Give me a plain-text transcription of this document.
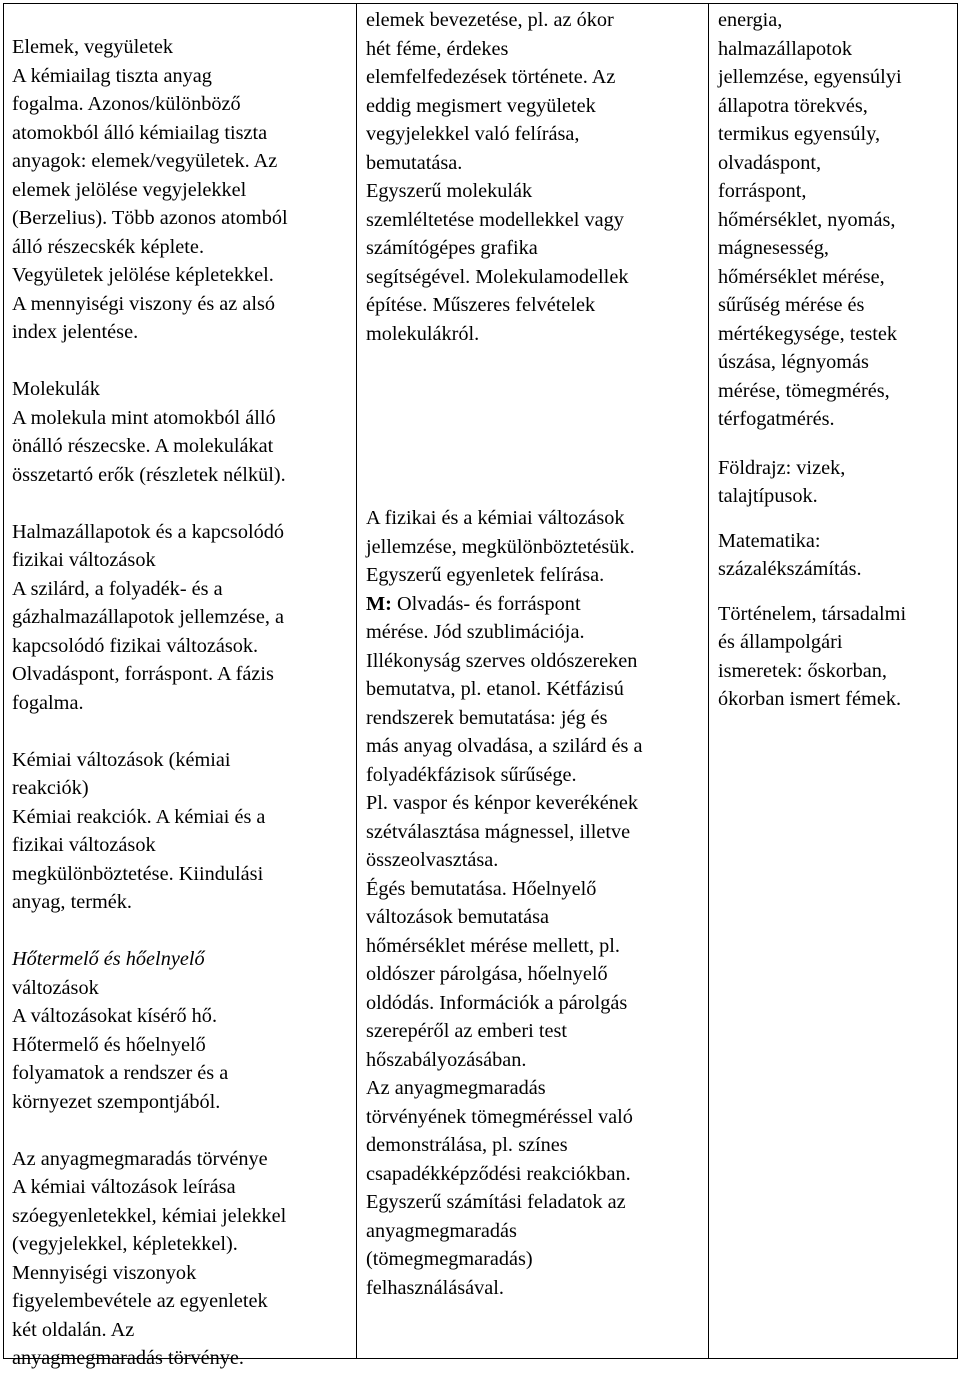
Elemek, vegyületek

A kémiailag tiszta anyag

fogalma. Azonos/különböző

atomokból álló kémiailag tiszta

anyagok: elemek/vegyületek. Az

elemek jelölése vegyjelekkel

(Berzelius). Több azonos atomból

álló részecskék képlete.

Vegyületek jelölése képletekkel.

A mennyiségi viszony és az alsó

index jelentése.

Molekulák

A molekula mint atomokból álló

önálló részecske. A molekulákat

összetartó erők (részletek nélkül).

Halmazállapotok és a kapcsolódó

fizikai változások

A szilárd, a folyadék- és a

gázhalmazállapotok jellemzése, a

kapcsolódó fizikai változások.

Olvadáspont, forráspont. A fázis

fogalma.

Kémiai változások (kémiai

reakciók)

Kémiai reakciók. A kémiai és a

fizikai változások

megkülönböztetése. Kiindulási

anyag, termék.

Hőtermelő és hőelnyelő

változások

A változásokat kísérő hő.

Hőtermelő és hőelnyelő

folyamatok a rendszer és a

környezet szempontjából.

Az anyagmegmaradás törvénye

A kémiai változások leírása

szóegyenletekkel, kémiai jelekkel

(vegyjelekkel, képletekkel).

Mennyiségi viszonyok

figyelembevétele az egyenletek

két oldalán. Az

anyagmegmaradás törvénye.

elemek bevezetése, pl. az ókor

hét féme, érdekes

elemfelfedezések története. Az

eddig megismert vegyületek

vegyjelekkel való felírása,

bemutatása.

Egyszerű molekulák

szemléltetése modellekkel vagy

számítógépes grafika

segítségével. Molekulamodellek

építése. Műszeres felvételek

molekulákról.

A fizikai és a kémiai változások

jellemzése, megkülönböztetésük.

Egyszerű egyenletek felírása.

M: Olvadás- és forráspont

mérése. Jód szublimációja.

Illékonyság szerves oldószereken

bemutatva, pl. etanol. Kétfázisú

rendszerek bemutatása: jég és

más anyag olvadása, a szilárd és a

folyadékfázisok sűrűsége.

Pl. vaspor és kénpor keverékének

szétválasztása mágnessel, illetve

összeolvasztása.

Égés bemutatása. Hőelnyelő

változások bemutatása

hőmérséklet mérése mellett, pl.

oldószer párolgása, hőelnyelő

oldódás. Információk a párolgás

szerepéről az emberi test

hőszabályozásában.

Az anyagmegmaradás

törvényének tömegméréssel való

demonstrálása, pl. színes

csapadékképződési reakciókban.

Egyszerű számítási feladatok az

anyagmegmaradás

(tömegmegmaradás)

felhasználásával.

energia,

halmazállapotok

jellemzése, egyensúlyi

állapotra törekvés,

termikus egyensúly,

olvadáspont,

forráspont,

hőmérséklet, nyomás,

mágnesesség,

hőmérséklet mérése,

sűrűség mérése és

mértékegysége, testek

úszása, légnyomás

mérése, tömegmérés,

térfogatmérés.

Földrajz: vizek,

talajtípusok.

Matematika:

százalékszámítás.

Történelem, társadalmi

és állampolgári

ismeretek: őskorban,

ókorban ismert fémek.
